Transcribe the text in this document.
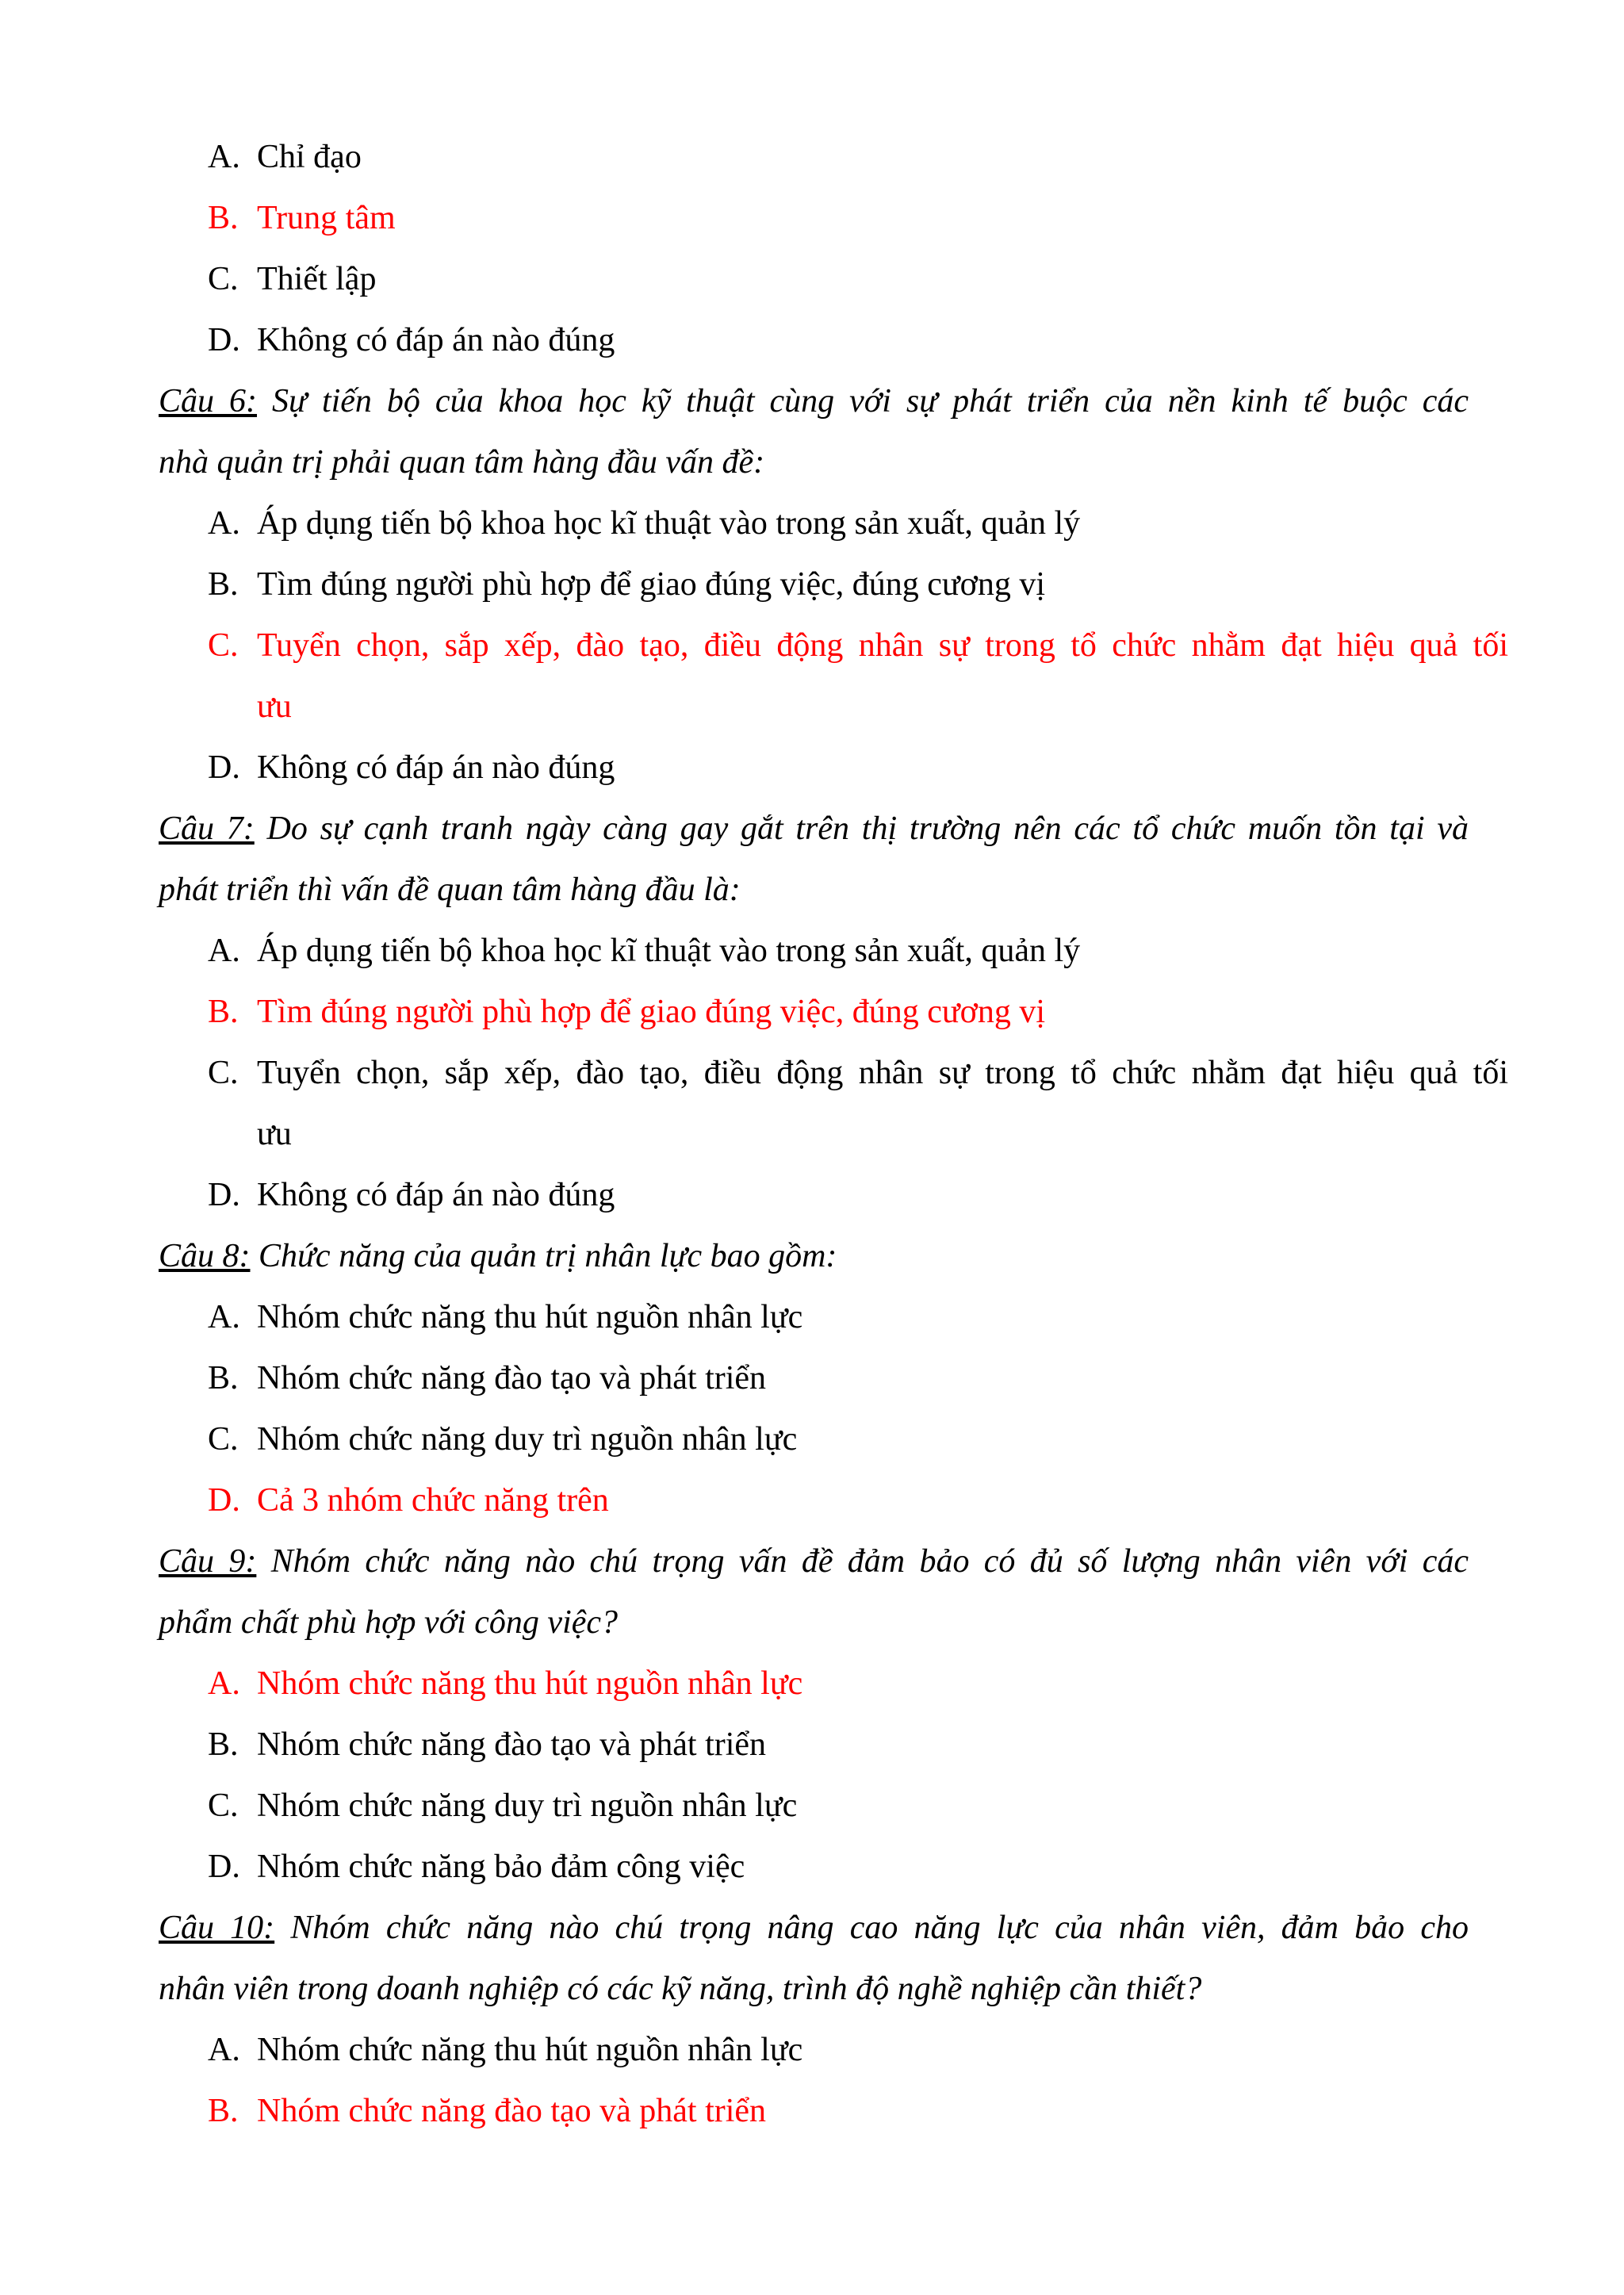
A. Chỉ đạo
B. Trung tâm
C. Thiết lập
D. Không có đáp án nào đúng
Câu 6: Sự tiến bộ của khoa học kỹ thuật cùng với sự phát triển của nền kinh tế buộc các
nhà quản trị phải quan tâm hàng đầu vấn đề:
A. Áp dụng tiến bộ khoa học kĩ thuật vào trong sản xuất, quản lý
B. Tìm đúng người phù hợp để giao đúng việc, đúng cương vị
C. Tuyển chọn, sắp xếp, đào tạo, điều động nhân sự trong tổ chức nhằm đạt hiệu quả tối
ưu
D. Không có đáp án nào đúng
Câu 7: Do sự cạnh tranh ngày càng gay gắt trên thị trường nên các tổ chức muốn tồn tại và
phát triển thì vấn đề quan tâm hàng đầu là:
A. Áp dụng tiến bộ khoa học kĩ thuật vào trong sản xuất, quản lý
B. Tìm đúng người phù hợp để giao đúng việc, đúng cương vị
C. Tuyển chọn, sắp xếp, đào tạo, điều động nhân sự trong tổ chức nhằm đạt hiệu quả tối
ưu
D. Không có đáp án nào đúng
Câu 8: Chức năng của quản trị nhân lực bao gồm:
A. Nhóm chức năng thu hút nguồn nhân lực
B. Nhóm chức năng đào tạo và phát triển
C. Nhóm chức năng duy trì nguồn nhân lực
D. Cả 3 nhóm chức năng trên
Câu 9: Nhóm chức năng nào chú trọng vấn đề đảm bảo có đủ số lượng nhân viên với các
phẩm chất phù hợp với công việc?
A. Nhóm chức năng thu hút nguồn nhân lực
B. Nhóm chức năng đào tạo và phát triển
C. Nhóm chức năng duy trì nguồn nhân lực
D. Nhóm chức năng bảo đảm công việc
Câu 10: Nhóm chức năng nào chú trọng nâng cao năng lực của nhân viên, đảm bảo cho
nhân viên trong doanh nghiệp có các kỹ năng, trình độ nghề nghiệp cần thiết?
A. Nhóm chức năng thu hút nguồn nhân lực
B. Nhóm chức năng đào tạo và phát triển
